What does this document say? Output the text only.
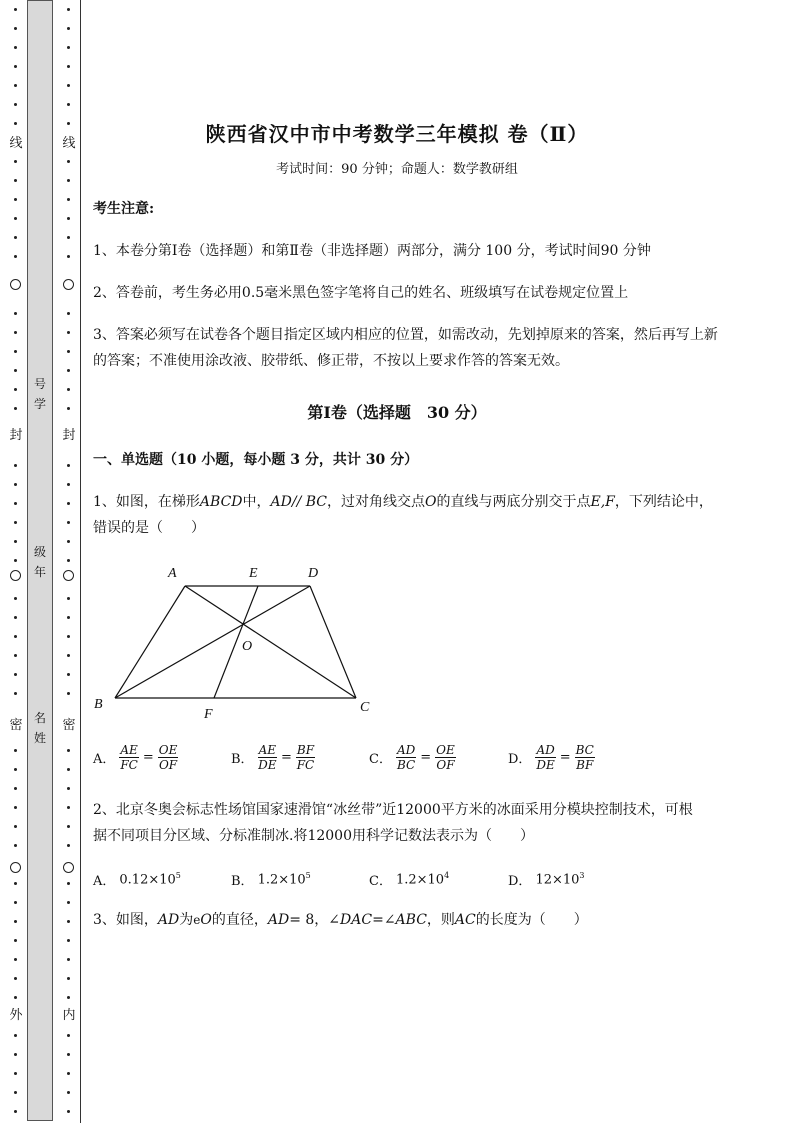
线
封
密
外
线
封
密
内
号
学
级
年
名
姓
陕西省汉中市中考数学三年模拟 卷（Ⅱ）
考试时间：90 分钟；命题人：数学教研组
考生注意:
1、本卷分第Ⅰ卷（选择题）和第Ⅱ卷（非选择题）两部分，满分 100 分，考试时间90 分钟
2、答卷前，考生务必用0.5毫米黑色签字笔将自己的姓名、班级填写在试卷规定位置上
3、答案必须写在试卷各个题目指定区域内相应的位置，如需改动，先划掉原来的答案，然后再写上新
的答案；不准使用涂改液、胶带纸、修正带，不按以上要求作答的答案无效。
第Ⅰ卷（选择题　30 分）
一、单选题（10 小题，每小题 3 分，共计 30 分）
1、如图，在梯形ABCD中，AD// BC，过对角线交点O的直线与两底分别交于点E,F，下列结论中，
错误的是（　　）
A	E	D
O
B
F	C
A． $\frac{AE}{FC} = \frac{OE}{OF}$	B． $\frac{AE}{DE} = \frac{BF}{FC}$	C． $\frac{AD}{BC} = \frac{OE}{OF}$	D． $\frac{AD}{DE} = \frac{BC}{BF}$
2、北京冬奥会标志性场馆国家速滑馆“冰丝带”近12000平方米的冰面采用分模块控制技术，可根
据不同项目分区域、分标准制冰.将12000用科学记数法表示为（　　）
A． $0.12\times 10^5$	B． $1.2\times 10^5$	C． $1.2\times 10^4$	D． $12\times 10^3$
3、如图，AD为eO的直径，AD= 8，∠DAC=∠ABC，则AC的长度为（　　）
